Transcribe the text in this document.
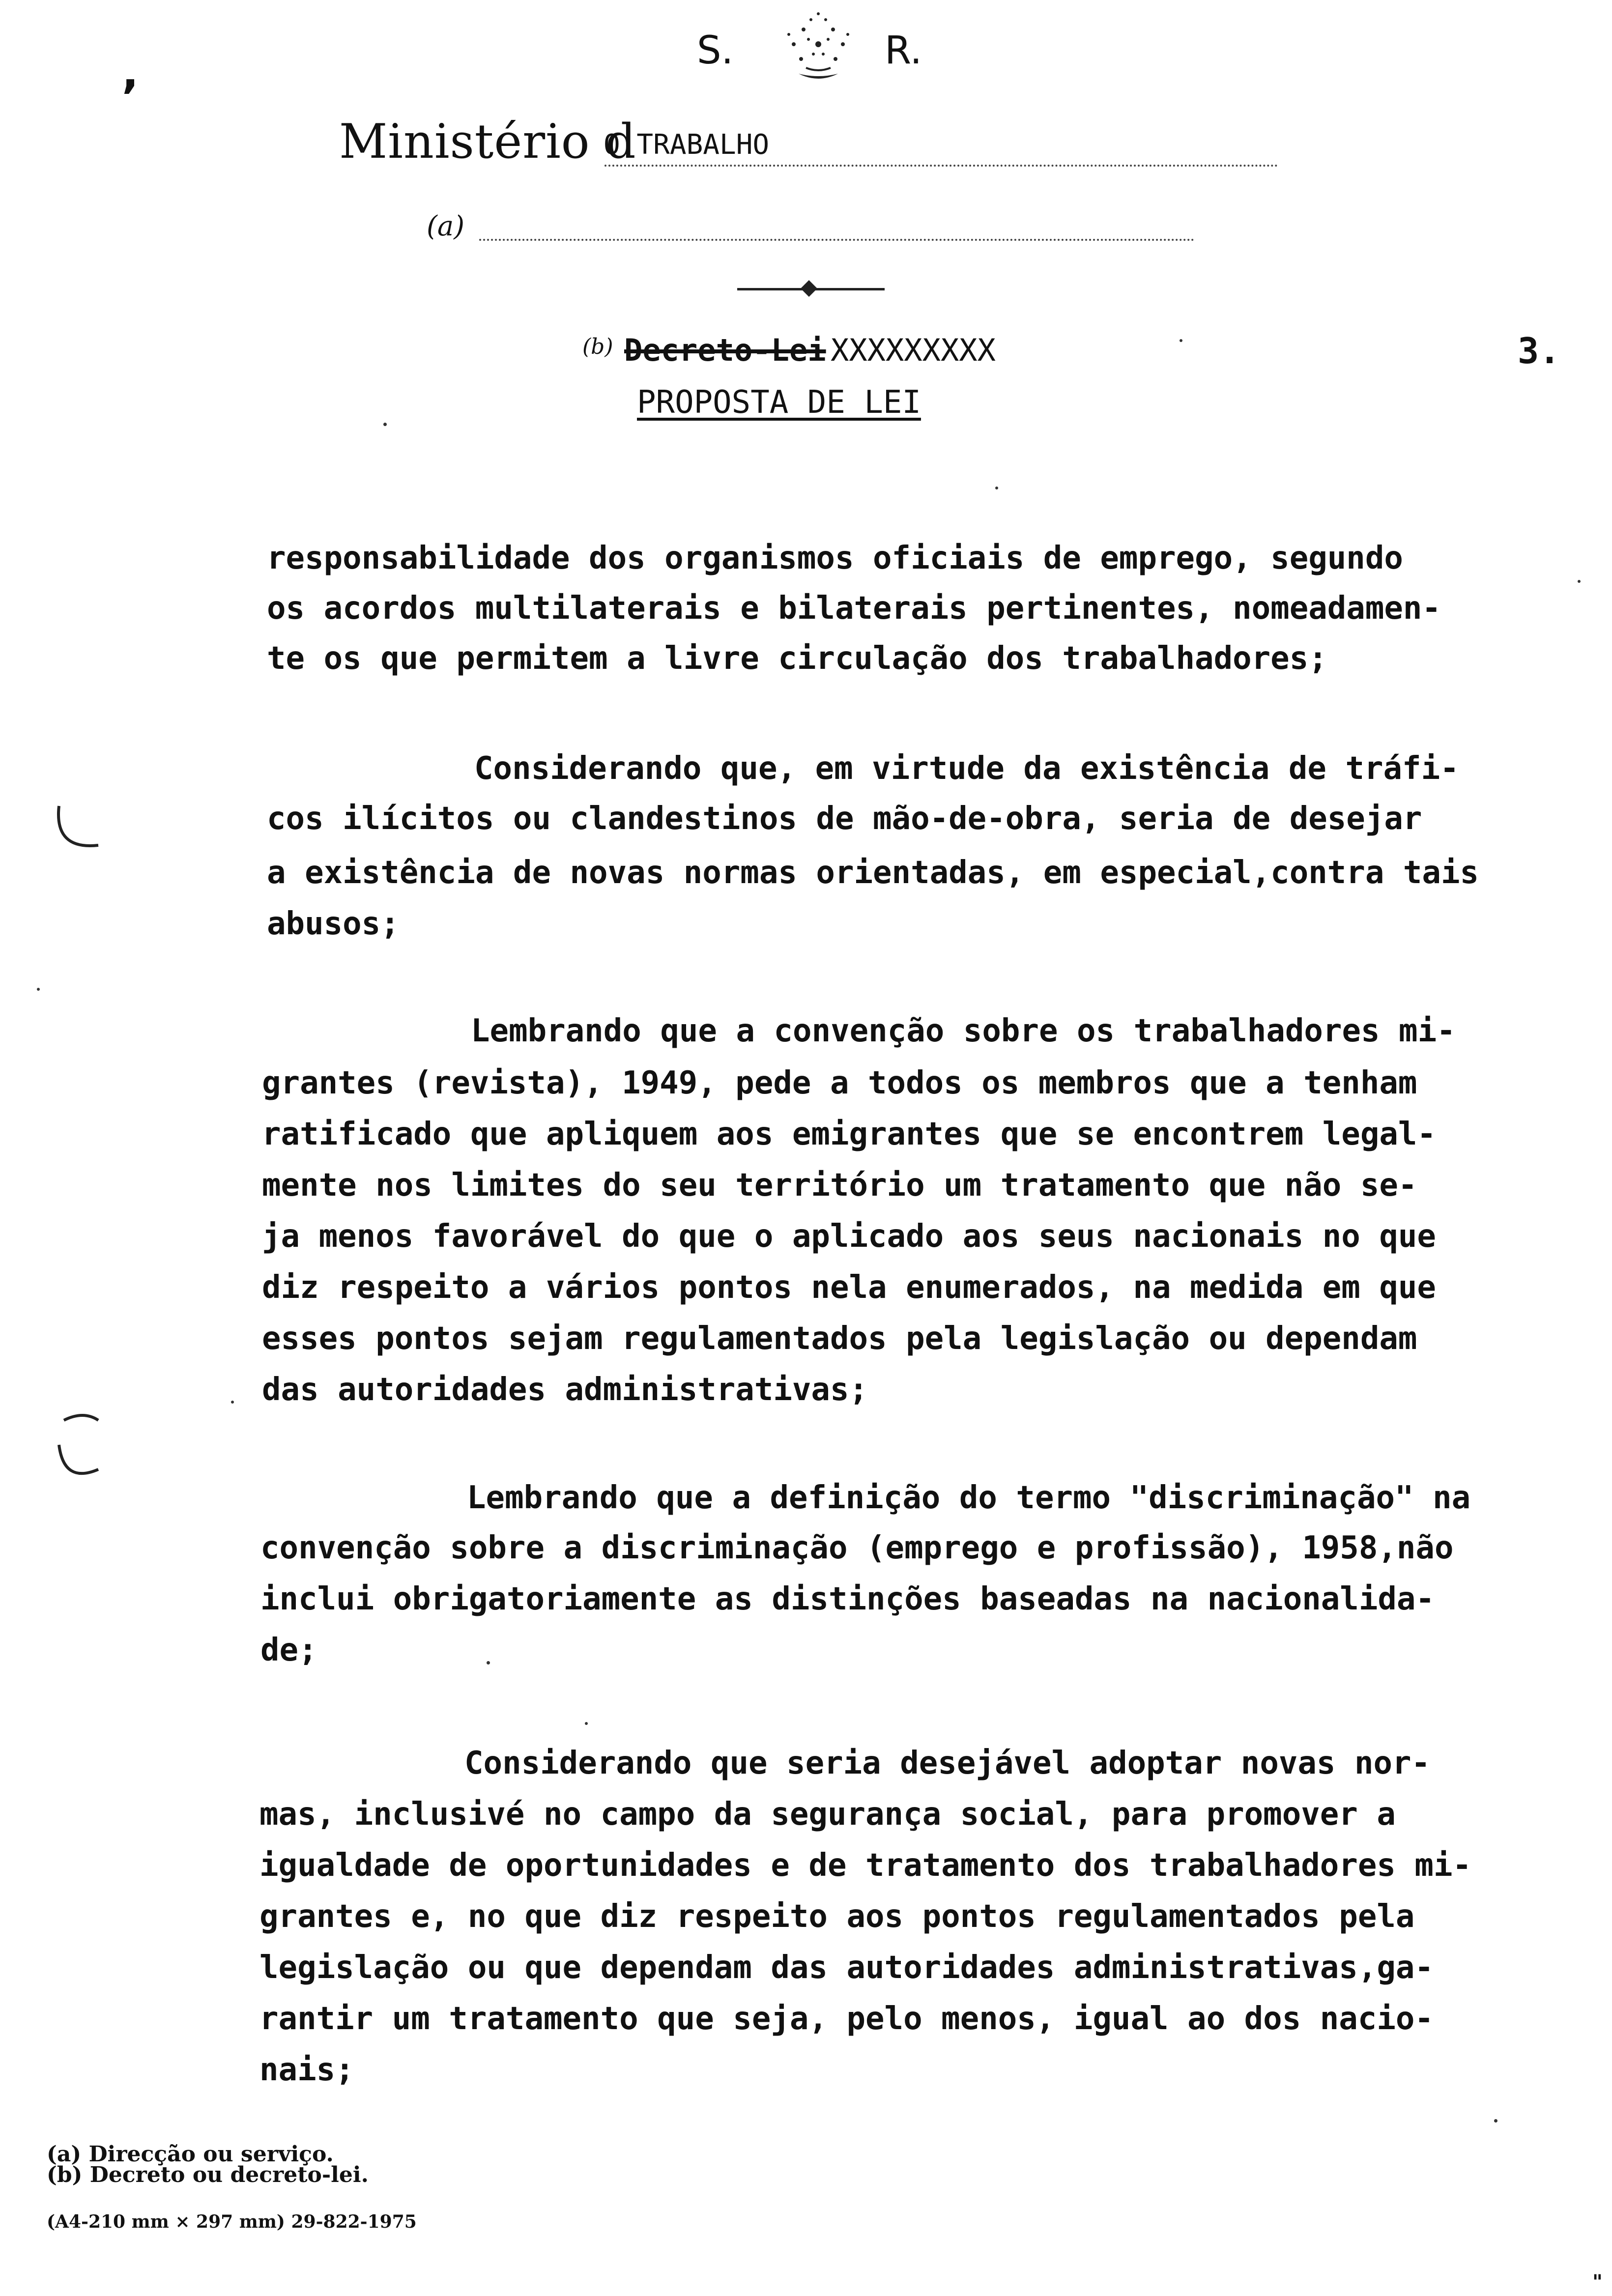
,	S.	R.
Ministério d
O TRABALHO
(a)
(b) Decreto-Lei XXXXXXXXX	3.
PROPOSTA DE LEI
responsabilidade dos organismos oficiais de emprego, segundo
os acordos multilaterais e bilaterais pertinentes, nomeadamen-
te os que permitem a livre circulação dos trabalhadores;
Considerando que, em virtude da existência de tráfi-
cos ilícitos ou clandestinos de mão-de-obra, seria de desejar
a existência de novas normas orientadas, em especial,contra tais
abusos;
Lembrando que a convenção sobre os trabalhadores mi-
grantes (revista), 1949, pede a todos os membros que a tenham
ratificado que apliquem aos emigrantes que se encontrem legal-
mente nos limites do seu território um tratamento que não se-
ja menos favorável do que o aplicado aos seus nacionais no que
diz respeito a vários pontos nela enumerados, na medida em que
esses pontos sejam regulamentados pela legislação ou dependam
das autoridades administrativas;
Lembrando que a definição do termo "discriminação" na
convenção sobre a discriminação (emprego e profissão), 1958,não
inclui obrigatoriamente as distinções baseadas na nacionalida-
de;
Considerando que seria desejável adoptar novas nor-
mas, inclusivé no campo da segurança social, para promover a
igualdade de oportunidades e de tratamento dos trabalhadores mi-
grantes e, no que diz respeito aos pontos regulamentados pela
legislação ou que dependam das autoridades administrativas,ga-
rantir um tratamento que seja, pelo menos, igual ao dos nacio-
nais;
(a) Direcção ou serviço.
(b) Decreto ou decreto-lei.
(A4-210 mm × 297 mm) 29-822-1975
"
